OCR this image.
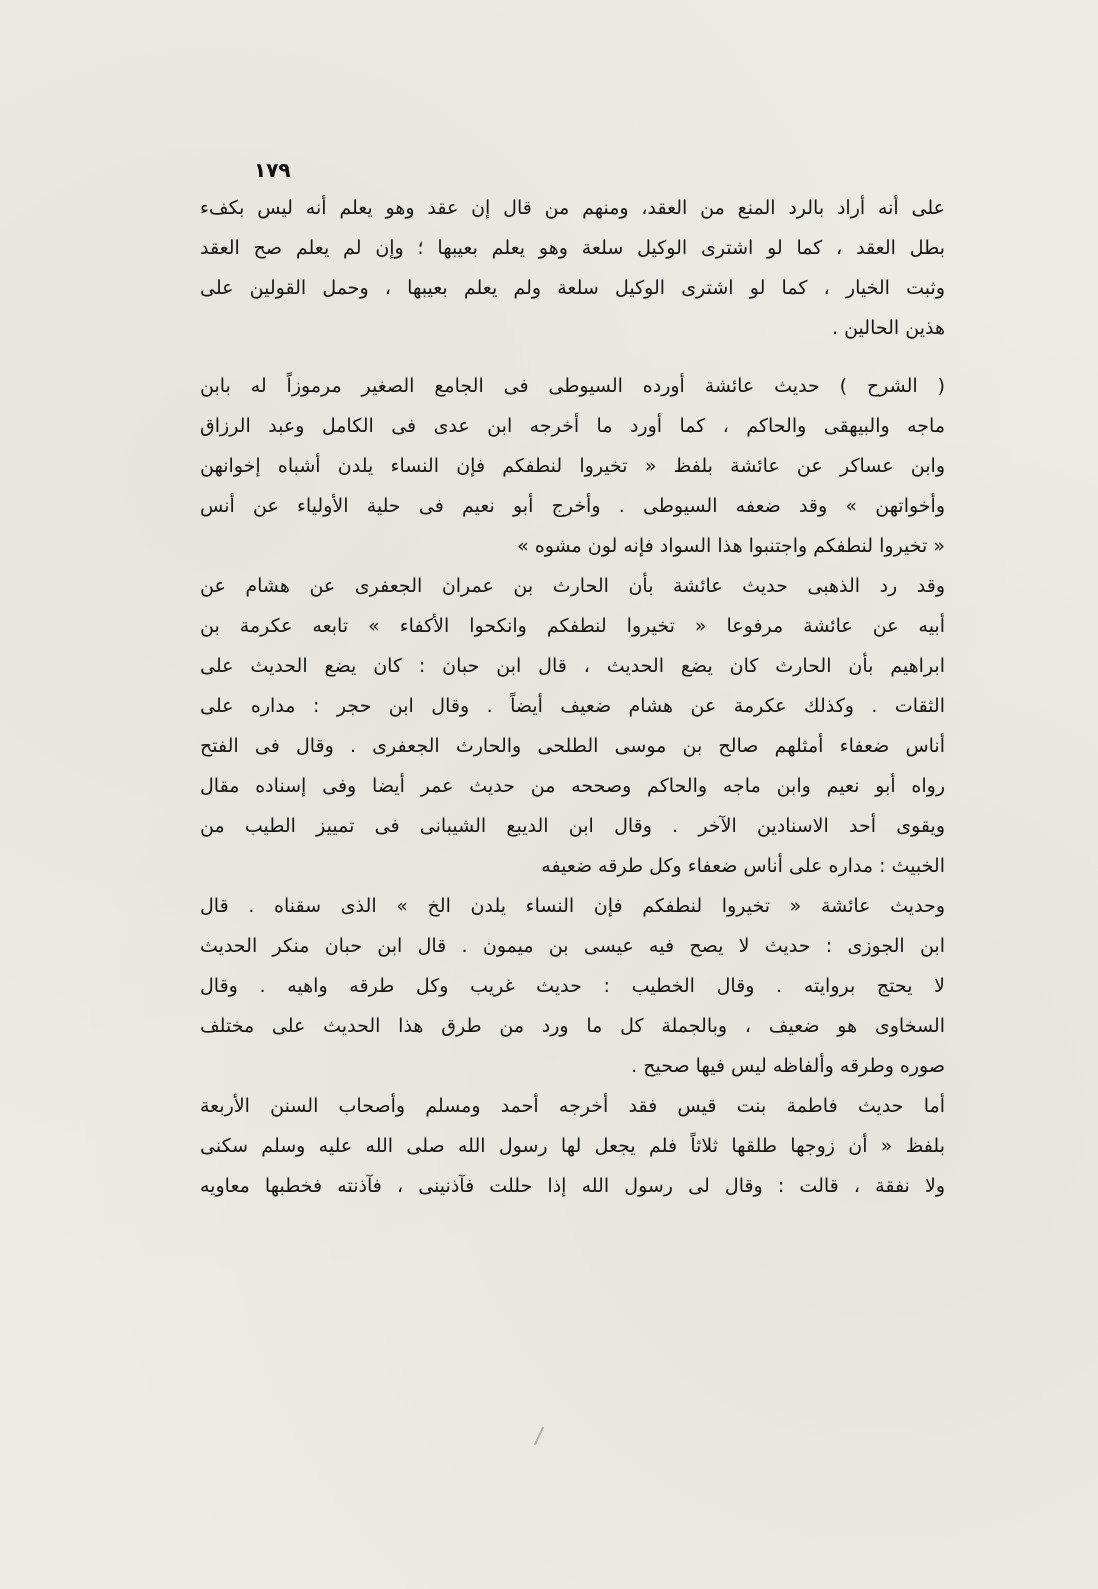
١٧٩
على أنه أراد بالرد المنع من العقد، ومنهم من قال إن عقد وهو يعلم أنه ليس بكفء
بطل العقد ، كما لو اشترى الوكيل سلعة وهو يعلم بعيبها ؛ وإن لم يعلم صح العقد
وثبت الخيار ، كما لو اشترى الوكيل سلعة ولم يعلم بعيبها ، وحمل القولين على
هذين الحالين .
( الشرح ) حديث عائشة أورده السيوطى فى الجامع الصغير مرموزاً له بابن
ماجه والبيهقى والحاكم ، كما أورد ما أخرجه ابن عدى فى الكامل وعبد الرزاق
وابن عساكر عن عائشة بلفظ « تخيروا لنطفكم فإن النساء يلدن أشباه إخوانهن
وأخواتهن » وقد ضعفه السيوطى . وأخرج أبو نعيم فى حلية الأولياء عن أنس
« تخيروا لنطفكم واجتنبوا هذا السواد فإنه لون مشوه »
وقد رد الذهبى حديث عائشة بأن الحارث بن عمران الجعفرى عن هشام عن
أبيه عن عائشة مرفوعا « تخيروا لنطفكم وانكحوا الأكفاء » تابعه عكرمة بن
ابراهيم بأن الحارث كان يضع الحديث ، قال ابن حبان : كان يضع الحديث على
الثقات . وكذلك عكرمة عن هشام ضعيف أيضاً . وقال ابن حجر : مداره على
أناس ضعفاء أمثلهم صالح بن موسى الطلحى والحارث الجعفرى . وقال فى الفتح
رواه أبو نعيم وابن ماجه والحاكم وصححه من حديث عمر أيضا وفى إسناده مقال
ويقوى أحد الاسنادين الآخر . وقال ابن الديبع الشيبانى فى تمييز الطيب من
الخبيث : مداره على أناس ضعفاء وكل طرقه ضعيفه
وحديث عائشة « تخيروا لنطفكم فإن النساء يلدن الخ » الذى سقناه . قال
ابن الجوزى : حديث لا يصح فيه عيسى بن ميمون . قال ابن حبان منكر الحديث
لا يحتج بروايته . وقال الخطيب : حديث غريب وكل طرقه واهيه . وقال
السخاوى هو ضعيف ، وبالجملة كل ما ورد من طرق هذا الحديث على مختلف
صوره وطرقه وألفاظه ليس فيها صحيح .
أما حديث فاطمة بنت قيس فقد أخرجه أحمد ومسلم وأصحاب السنن الأربعة
بلفظ « أن زوجها طلقها ثلاثاً فلم يجعل لها رسول الله صلى الله عليه وسلم سكنى
ولا نفقة ، قالت : وقال لى رسول الله إذا حللت فآذنينى ، فآذنته فخطبها معاويه
